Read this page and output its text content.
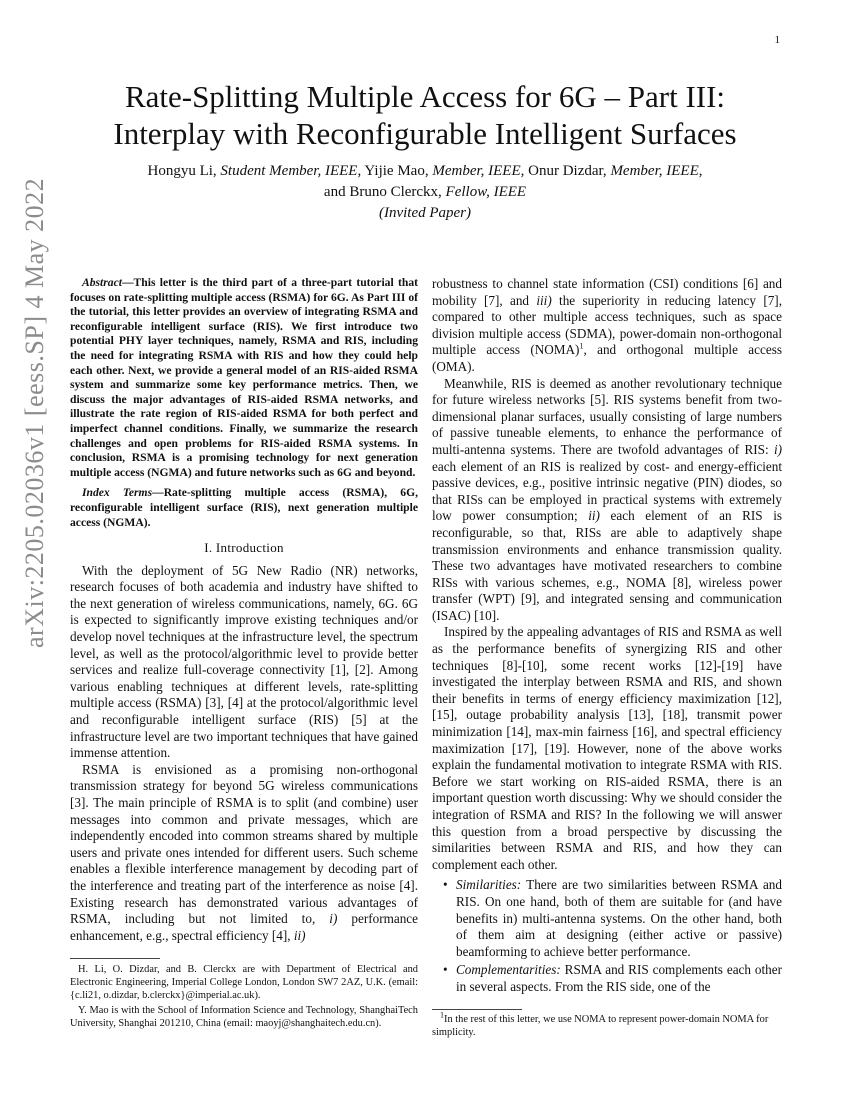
1
arXiv:2205.02036v1 [eess.SP] 4 May 2022
Rate-Splitting Multiple Access for 6G – Part III:
Interplay with Reconfigurable Intelligent Surfaces
Hongyu Li, Student Member, IEEE, Yijie Mao, Member, IEEE, Onur Dizdar, Member, IEEE,
and Bruno Clerckx, Fellow, IEEE
(Invited Paper)

Abstract—This letter is the third part of a three-part tutorial that focuses on rate-splitting multiple access (RSMA) for 6G. As Part III of the tutorial, this letter provides an overview of integrating RSMA and reconfigurable intelligent surface (RIS). We first introduce two potential PHY layer techniques, namely, RSMA and RIS, including the need for integrating RSMA with RIS and how they could help each other. Next, we provide a general model of an RIS-aided RSMA system and summarize some key performance metrics. Then, we discuss the major advantages of RIS-aided RSMA networks, and illustrate the rate region of RIS-aided RSMA for both perfect and imperfect channel conditions. Finally, we summarize the research challenges and open problems for RIS-aided RSMA systems. In conclusion, RSMA is a promising technology for next generation multiple access (NGMA) and future networks such as 6G and beyond.

Index Terms—Rate-splitting multiple access (RSMA), 6G, reconfigurable intelligent surface (RIS), next generation multiple access (NGMA).

I. Introduction

With the deployment of 5G New Radio (NR) networks, research focuses of both academia and industry have shifted to the next generation of wireless communications, namely, 6G. 6G is expected to significantly improve existing techniques and/or develop novel techniques at the infrastructure level, the spectrum level, as well as the protocol/algorithmic level to provide better services and realize full-coverage connectivity [1], [2]. Among various enabling techniques at different levels, rate-splitting multiple access (RSMA) [3], [4] at the protocol/algorithmic level and reconfigurable intelligent surface (RIS) [5] at the infrastructure level are two important techniques that have gained immense attention.

RSMA is envisioned as a promising non-orthogonal transmission strategy for beyond 5G wireless communications [3]. The main principle of RSMA is to split (and combine) user messages into common and private messages, which are independently encoded into common streams shared by multiple users and private ones intended for different users. Such scheme enables a flexible interference management by decoding part of the interference and treating part of the interference as noise [4]. Existing research has demonstrated various advantages of RSMA, including but not limited to, i) performance enhancement, e.g., spectral efficiency [4], ii)

H. Li, O. Dizdar, and B. Clerckx are with Department of Electrical and Electronic Engineering, Imperial College London, London SW7 2AZ, U.K. (email: {c.li21, o.dizdar, b.clerckx}@imperial.ac.uk).

Y. Mao is with the School of Information Science and Technology, ShanghaiTech University, Shanghai 201210, China (email: maoyj@shanghaitech.edu.cn).

robustness to channel state information (CSI) conditions [6] and mobility [7], and iii) the superiority in reducing latency [7], compared to other multiple access techniques, such as space division multiple access (SDMA), power-domain non-orthogonal multiple access (NOMA)$^1$, and orthogonal multiple access (OMA).

Meanwhile, RIS is deemed as another revolutionary technique for future wireless networks [5]. RIS systems benefit from two-dimensional planar surfaces, usually consisting of large numbers of passive tuneable elements, to enhance the performance of multi-antenna systems. There are twofold advantages of RIS: i) each element of an RIS is realized by cost- and energy-efficient passive devices, e.g., positive intrinsic negative (PIN) diodes, so that RISs can be employed in practical systems with extremely low power consumption; ii) each element of an RIS is reconfigurable, so that, RISs are able to adaptively shape transmission environments and enhance transmission quality. These two advantages have motivated researchers to combine RISs with various schemes, e.g., NOMA [8], wireless power transfer (WPT) [9], and integrated sensing and communication (ISAC) [10].

Inspired by the appealing advantages of RIS and RSMA as well as the performance benefits of synergizing RIS and other techniques [8]-[10], some recent works [12]-[19] have investigated the interplay between RSMA and RIS, and shown their benefits in terms of energy efficiency maximization [12], [15], outage probability analysis [13], [18], transmit power minimization [14], max-min fairness [16], and spectral efficiency maximization [17], [19]. However, none of the above works explain the fundamental motivation to integrate RSMA with RIS. Before we start working on RIS-aided RSMA, there is an important question worth discussing: Why we should consider the integration of RSMA and RIS? In the following we will answer this question from a broad perspective by discussing the similarities between RSMA and RIS, and how they can complement each other.

• Similarities: There are two similarities between RSMA and RIS. On one hand, both of them are suitable for (and have benefits in) multi-antenna systems. On the other hand, both of them aim at designing (either active or passive) beamforming to achieve better performance.
• Complementarities: RSMA and RIS complements each other in several aspects. From the RIS side, one of the

$^1$In the rest of this letter, we use NOMA to represent power-domain NOMA for simplicity.
